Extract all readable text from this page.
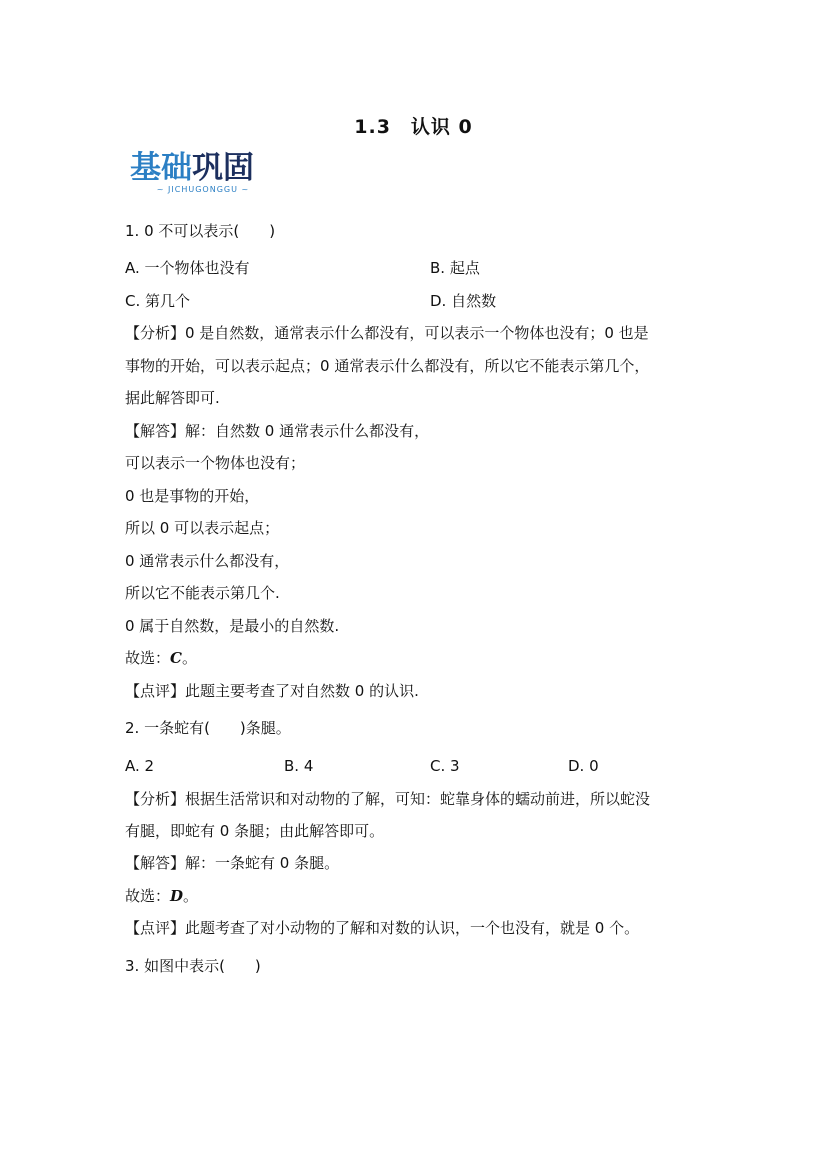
1.3　认识 0
基础巩固
~ JICHUGONGGU ~
1. 0 不可以表示(　　)
A. 一个物体也没有	B. 起点
C. 第几个	D. 自然数
【分析】0 是自然数，通常表示什么都没有，可以表示一个物体也没有；0 也是
事物的开始，可以表示起点；0 通常表示什么都没有，所以它不能表示第几个，
据此解答即可.
【解答】解：自然数 0 通常表示什么都没有，
可以表示一个物体也没有；
0 也是事物的开始，
所以 0 可以表示起点；
0 通常表示什么都没有，
所以它不能表示第几个.
0 属于自然数，是最小的自然数.
故选：C。
【点评】此题主要考查了对自然数 0 的认识.
2. 一条蛇有(　　)条腿。
A. 2	B. 4	C. 3	D. 0
【分析】根据生活常识和对动物的了解，可知：蛇靠身体的蠕动前进，所以蛇没
有腿，即蛇有 0 条腿；由此解答即可。
【解答】解：一条蛇有 0 条腿。
故选：D。
【点评】此题考查了对小动物的了解和对数的认识，一个也没有，就是 0 个。
3. 如图中表示(　　)
